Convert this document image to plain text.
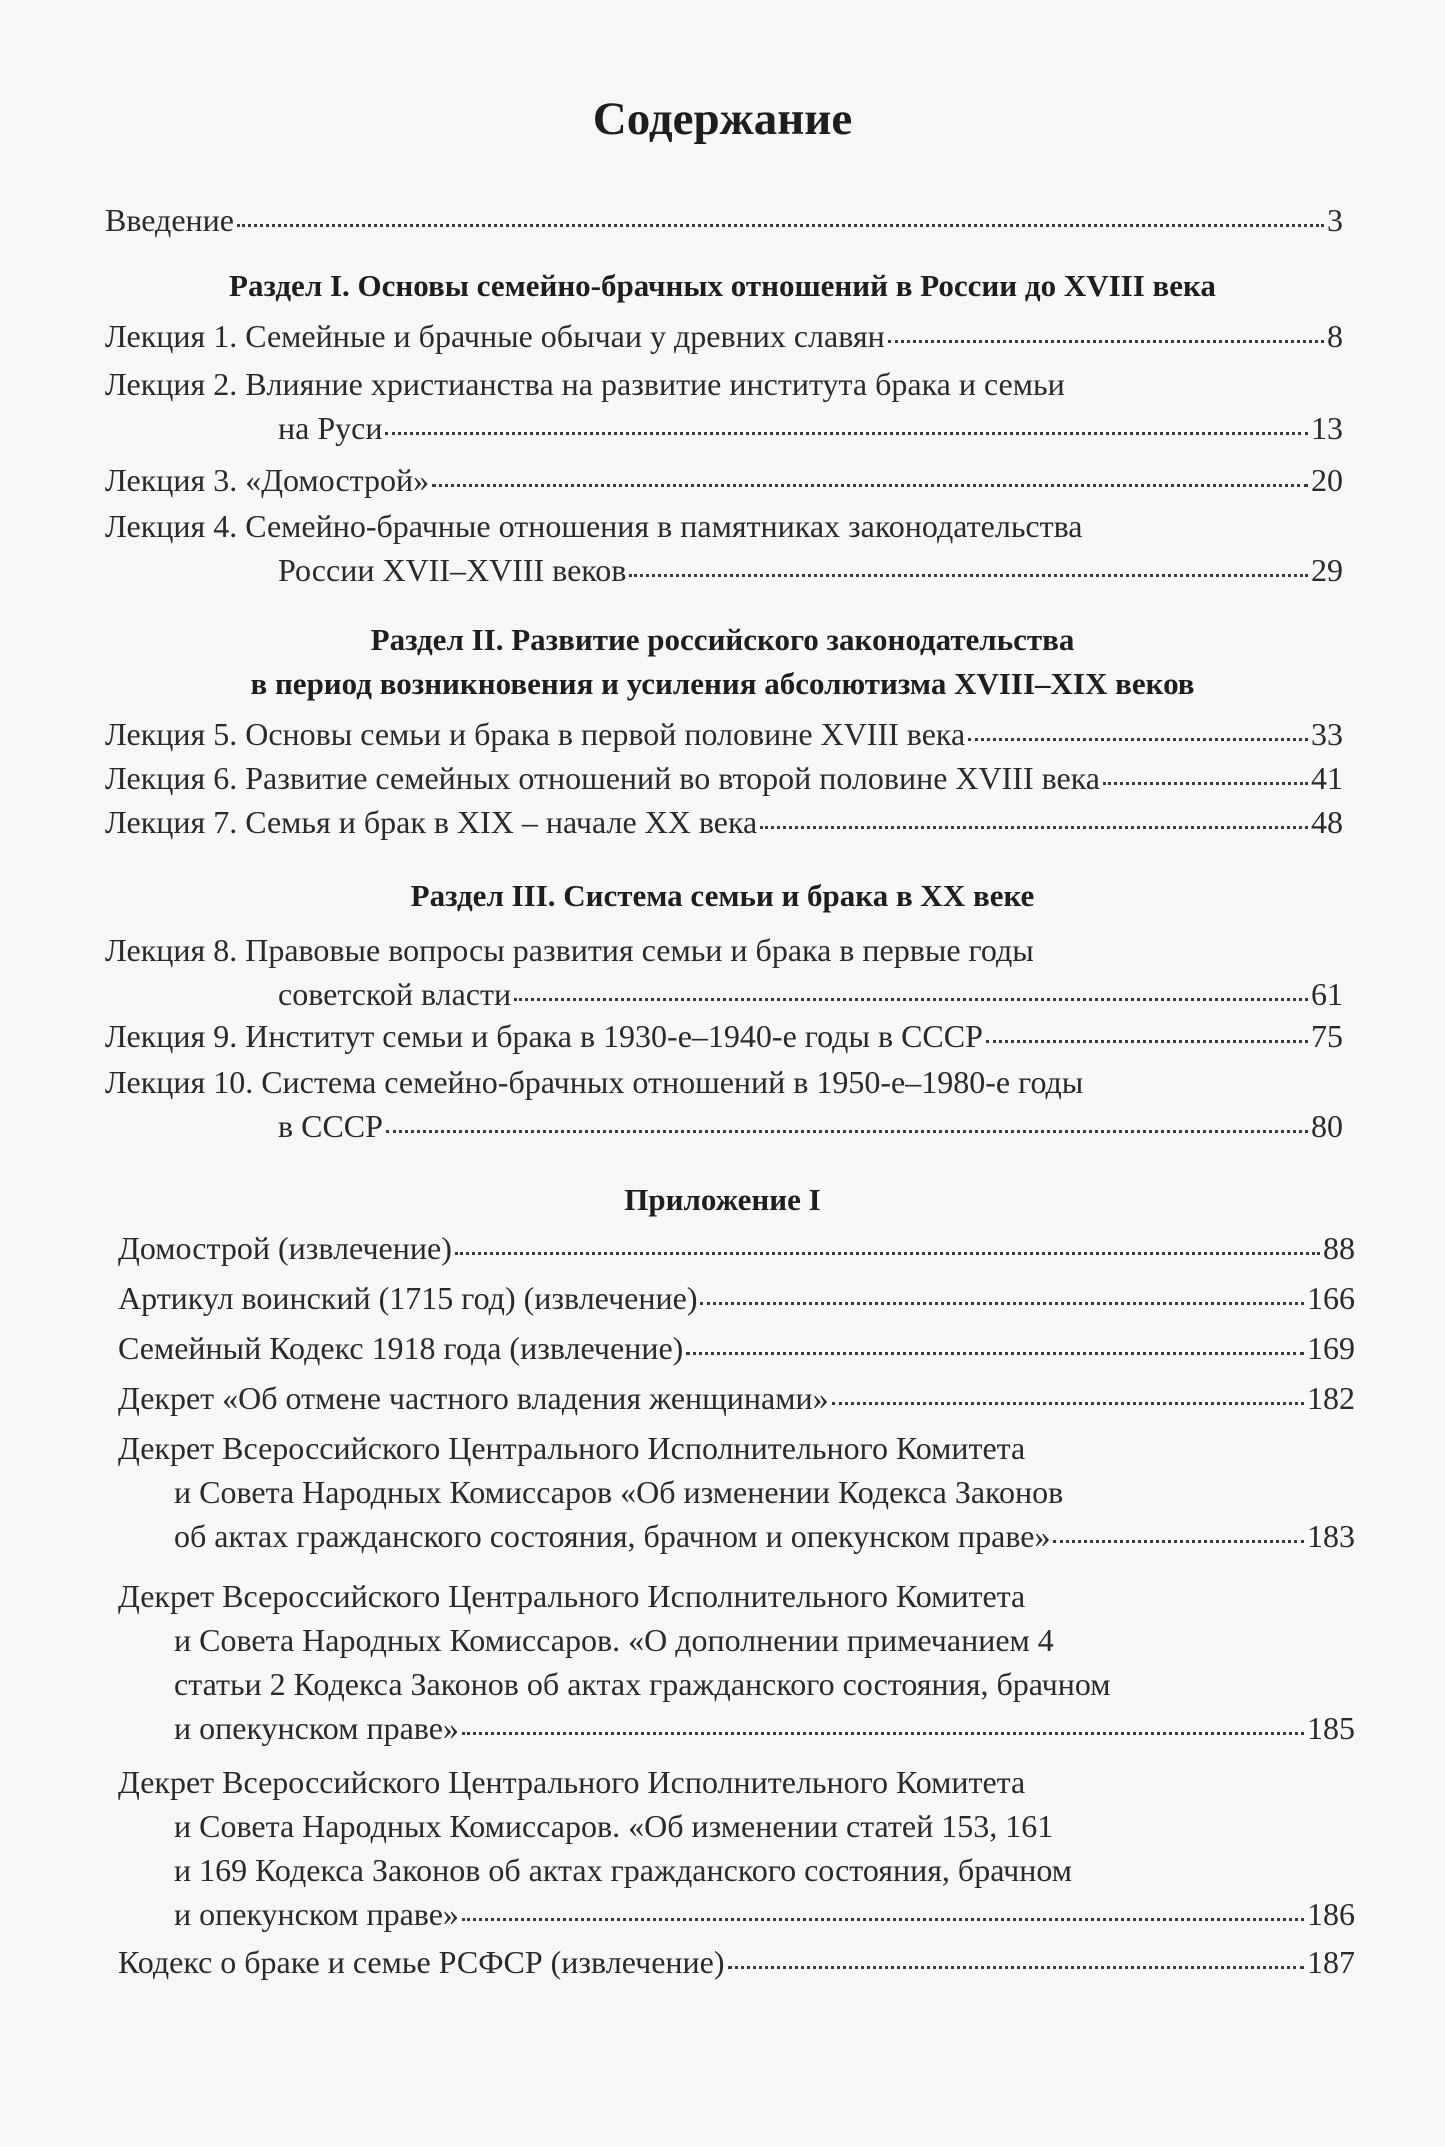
Содержание
Введение	3
Раздел I. Основы семейно-брачных отношений в России до XVIII века
Лекция 1. Семейные и брачные обычаи у древних славян	8
Лекция 2. Влияние христианства на развитие института брака и семьи
на Руси	13
Лекция 3. «Домострой»	20
Лекция 4. Семейно-брачные отношения в памятниках законодательства
России XVII–XVIII веков	29
Раздел II. Развитие российского законодательства
в период возникновения и усиления абсолютизма XVIII–XIX веков
Лекция 5. Основы семьи и брака в первой половине XVIII века	33
Лекция 6. Развитие семейных отношений во второй половине XVIII века	41
Лекция 7. Семья и брак в XIX – начале XX века	48
Раздел III. Система семьи и брака в XX веке
Лекция 8. Правовые вопросы развития семьи и брака в первые годы
советской власти	61
Лекция 9. Институт семьи и брака в 1930-е–1940-е годы в СССР	75
Лекция 10. Система семейно-брачных отношений в 1950-е–1980-е годы
в СССР	80
Приложение I
Домострой (извлечение)	88
Артикул воинский (1715 год) (извлечение)	166
Семейный Кодекс 1918 года (извлечение)	169
Декрет «Об отмене частного владения женщинами»	182
Декрет Всероссийского Центрального Исполнительного Комитета
и Совета Народных Комиссаров «Об изменении Кодекса Законов
об актах гражданского состояния, брачном и опекунском праве»	183
Декрет Всероссийского Центрального Исполнительного Комитета
и Совета Народных Комиссаров. «О дополнении примечанием 4
статьи 2 Кодекса Законов об актах гражданского состояния, брачном
и опекунском праве»	185
Декрет Всероссийского Центрального Исполнительного Комитета
и Совета Народных Комиссаров. «Об изменении статей 153, 161
и 169 Кодекса Законов об актах гражданского состояния, брачном
и опекунском праве»	186
Кодекс о браке и семье РСФСР (извлечение)	187
